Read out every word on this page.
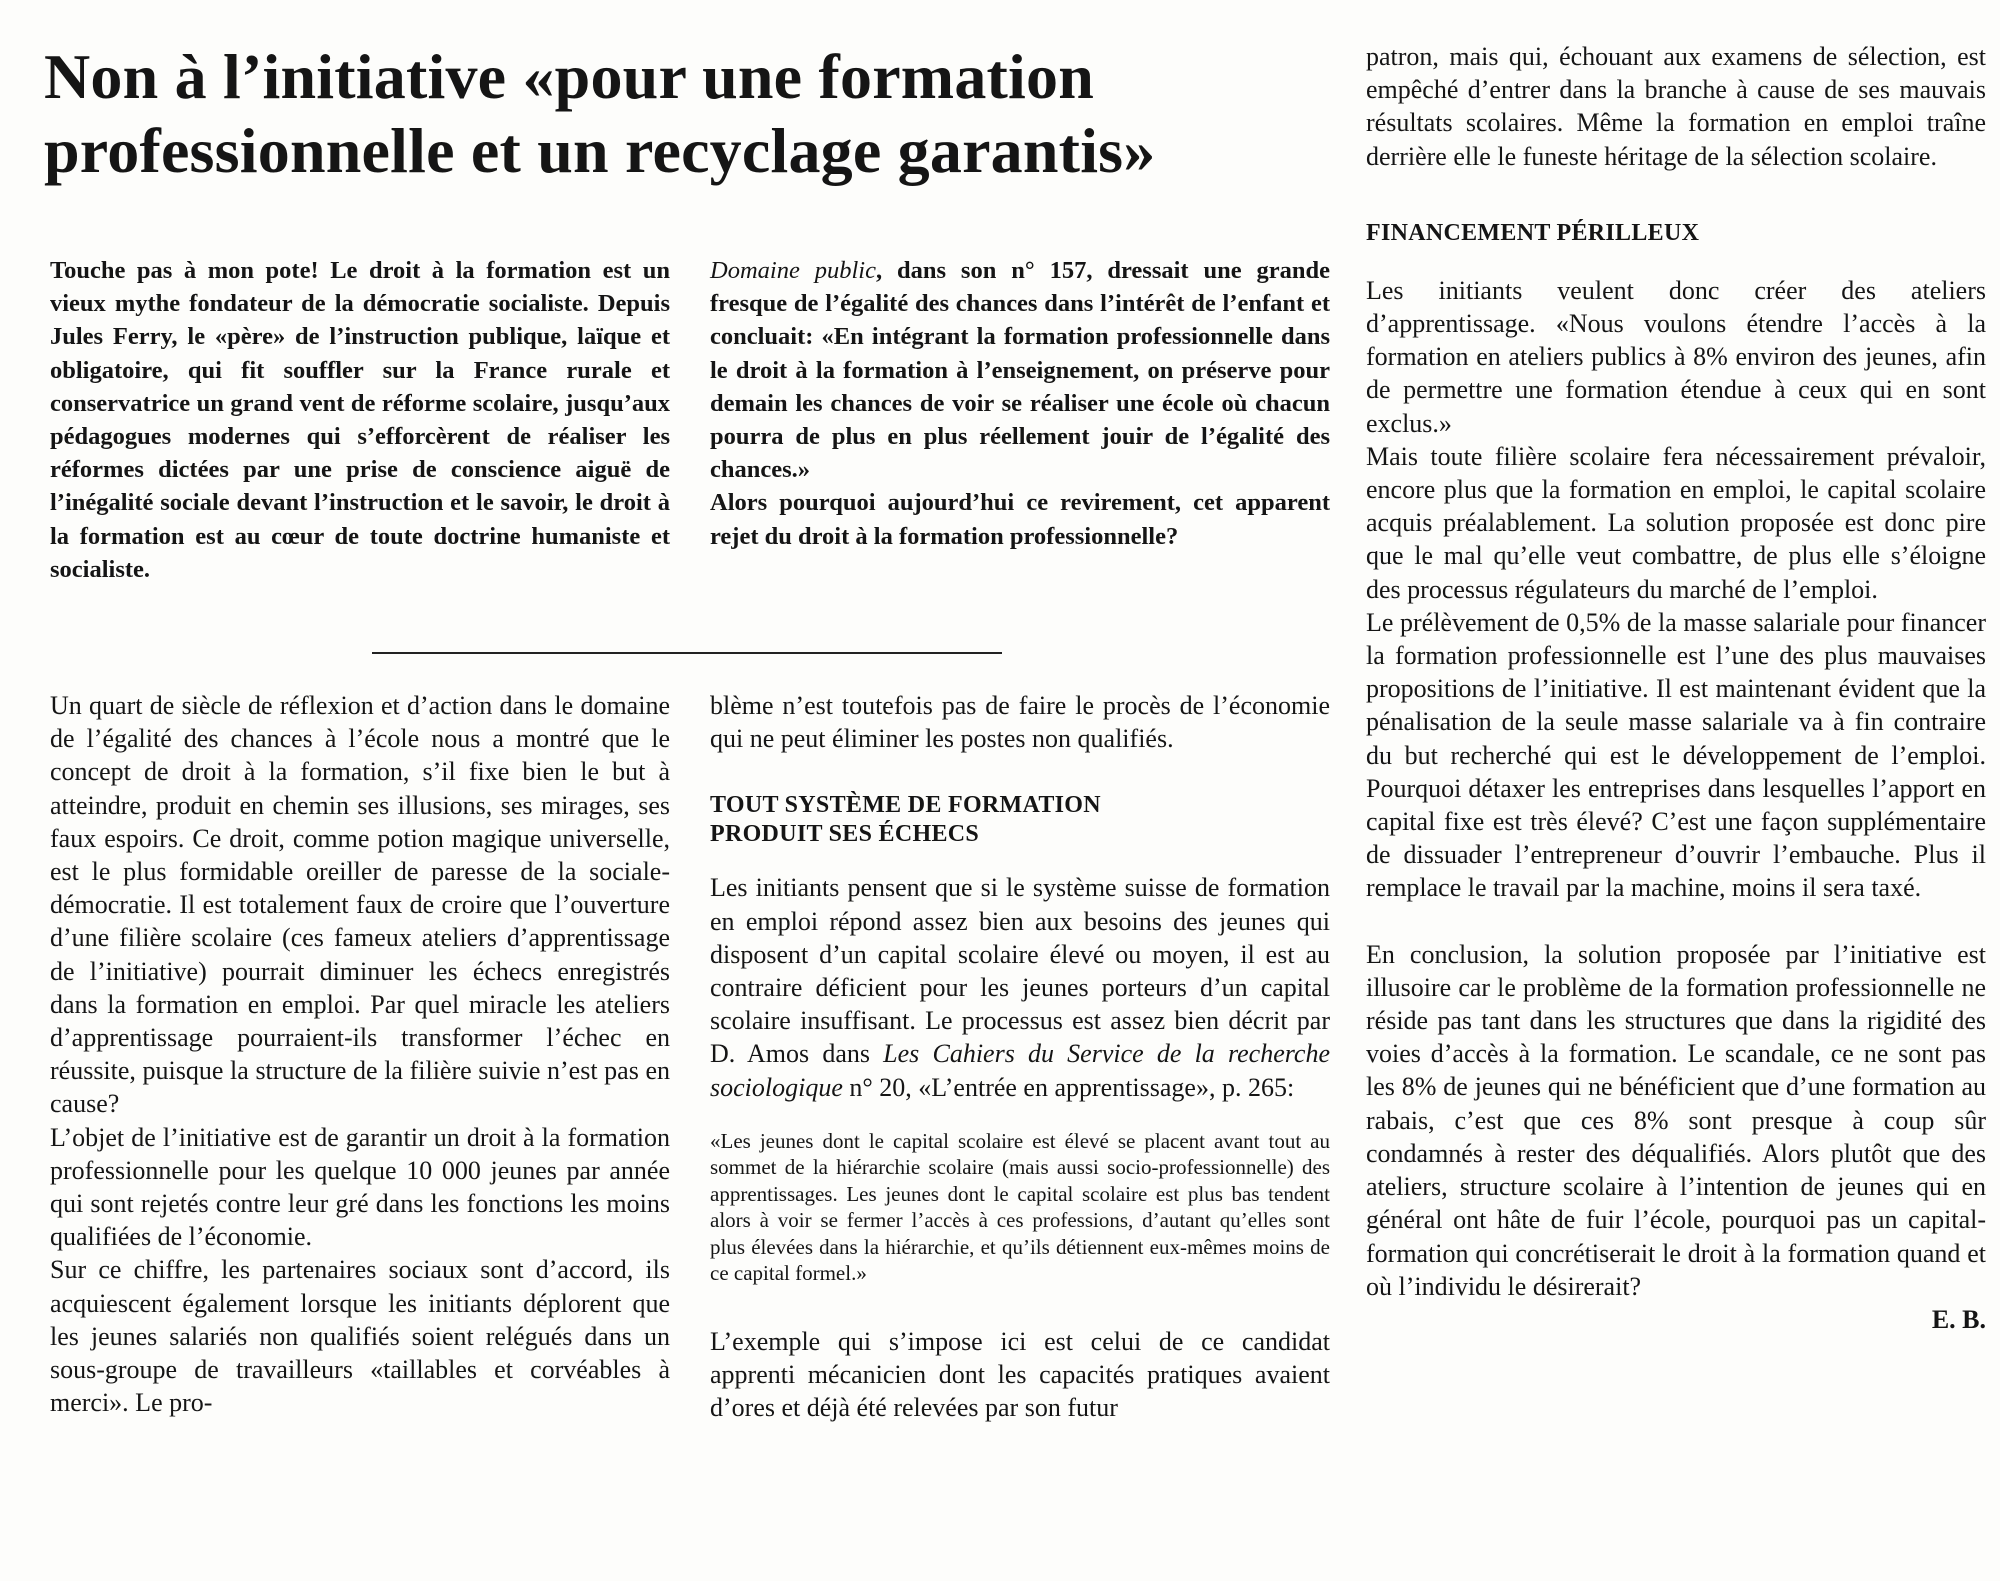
Non à l’initiative «pour une formation
professionnelle et un recyclage garantis»

Touche pas à mon pote! Le droit à la formation est un vieux mythe fondateur de la démocratie socialiste. Depuis Jules Ferry, le «père» de l’instruction publique, laïque et obligatoire, qui fit souffler sur la France rurale et conservatrice un grand vent de réforme scolaire, jusqu’aux pédagogues modernes qui s’efforcèrent de réaliser les réformes dictées par une prise de conscience aiguë de l’inégalité sociale devant l’instruction et le savoir, le droit à la formation est au cœur de toute doctrine humaniste et socialiste.

Domaine public, dans son n° 157, dressait une grande fresque de l’égalité des chances dans l’intérêt de l’enfant et concluait: «En intégrant la formation professionnelle dans le droit à la formation à l’enseignement, on préserve pour demain les chances de voir se réaliser une école où chacun pourra de plus en plus réellement jouir de l’égalité des chances.»

Alors pourquoi aujourd’hui ce revirement, cet apparent rejet du droit à la formation professionnelle?

Un quart de siècle de réflexion et d’action dans le domaine de l’égalité des chances à l’école nous a montré que le concept de droit à la formation, s’il fixe bien le but à atteindre, produit en chemin ses illusions, ses mirages, ses faux espoirs. Ce droit, comme potion magique universelle, est le plus formidable oreiller de paresse de la sociale-démocratie. Il est totalement faux de croire que l’ouverture d’une filière scolaire (ces fameux ateliers d’apprentissage de l’initiative) pourrait diminuer les échecs enregistrés dans la formation en emploi. Par quel miracle les ateliers d’apprentissage pourraient-ils transformer l’échec en réussite, puisque la structure de la filière suivie n’est pas en cause?

L’objet de l’initiative est de garantir un droit à la formation professionnelle pour les quelque 10 000 jeunes par année qui sont rejetés contre leur gré dans les fonctions les moins qualifiées de l’économie.

Sur ce chiffre, les partenaires sociaux sont d’accord, ils acquiescent également lorsque les initiants déplorent que les jeunes salariés non qualifiés soient relégués dans un sous-groupe de travailleurs «taillables et corvéables à merci». Le pro-

blème n’est toutefois pas de faire le procès de l’économie qui ne peut éliminer les postes non qualifiés.

TOUT SYSTÈME DE FORMATION
PRODUIT SES ÉCHECS

Les initiants pensent que si le système suisse de formation en emploi répond assez bien aux besoins des jeunes qui disposent d’un capital scolaire élevé ou moyen, il est au contraire déficient pour les jeunes porteurs d’un capital scolaire insuffisant. Le processus est assez bien décrit par D. Amos dans Les Cahiers du Service de la recherche sociologique n° 20, «L’entrée en apprentissage», p. 265:

«Les jeunes dont le capital scolaire est élevé se placent avant tout au sommet de la hiérarchie scolaire (mais aussi socio-professionnelle) des apprentissages. Les jeunes dont le capital scolaire est plus bas tendent alors à voir se fermer l’accès à ces professions, d’autant qu’elles sont plus élevées dans la hiérarchie, et qu’ils détiennent eux-mêmes moins de ce capital formel.»

L’exemple qui s’impose ici est celui de ce candidat apprenti mécanicien dont les capacités pratiques avaient d’ores et déjà été relevées par son futur

patron, mais qui, échouant aux examens de sélection, est empêché d’entrer dans la branche à cause de ses mauvais résultats scolaires. Même la formation en emploi traîne derrière elle le funeste héritage de la sélection scolaire.

FINANCEMENT PÉRILLEUX

Les initiants veulent donc créer des ateliers d’apprentissage. «Nous voulons étendre l’accès à la formation en ateliers publics à 8% environ des jeunes, afin de permettre une formation étendue à ceux qui en sont exclus.»

Mais toute filière scolaire fera nécessairement prévaloir, encore plus que la formation en emploi, le capital scolaire acquis préalablement. La solution proposée est donc pire que le mal qu’elle veut combattre, de plus elle s’éloigne des processus régulateurs du marché de l’emploi.

Le prélèvement de 0,5% de la masse salariale pour financer la formation professionnelle est l’une des plus mauvaises propositions de l’initiative. Il est maintenant évident que la pénalisation de la seule masse salariale va à fin contraire du but recherché qui est le développement de l’emploi. Pourquoi détaxer les entreprises dans lesquelles l’apport en capital fixe est très élevé? C’est une façon supplémentaire de dissuader l’entrepreneur d’ouvrir l’embauche. Plus il remplace le travail par la machine, moins il sera taxé.

En conclusion, la solution proposée par l’initiative est illusoire car le problème de la formation professionnelle ne réside pas tant dans les structures que dans la rigidité des voies d’accès à la formation. Le scandale, ce ne sont pas les 8% de jeunes qui ne bénéficient que d’une formation au rabais, c’est que ces 8% sont presque à coup sûr condamnés à rester des déqualifiés. Alors plutôt que des ateliers, structure scolaire à l’intention de jeunes qui en général ont hâte de fuir l’école, pourquoi pas un capital-formation qui concrétiserait le droit à la formation quand et où l’individu le désirerait?

E. B.
